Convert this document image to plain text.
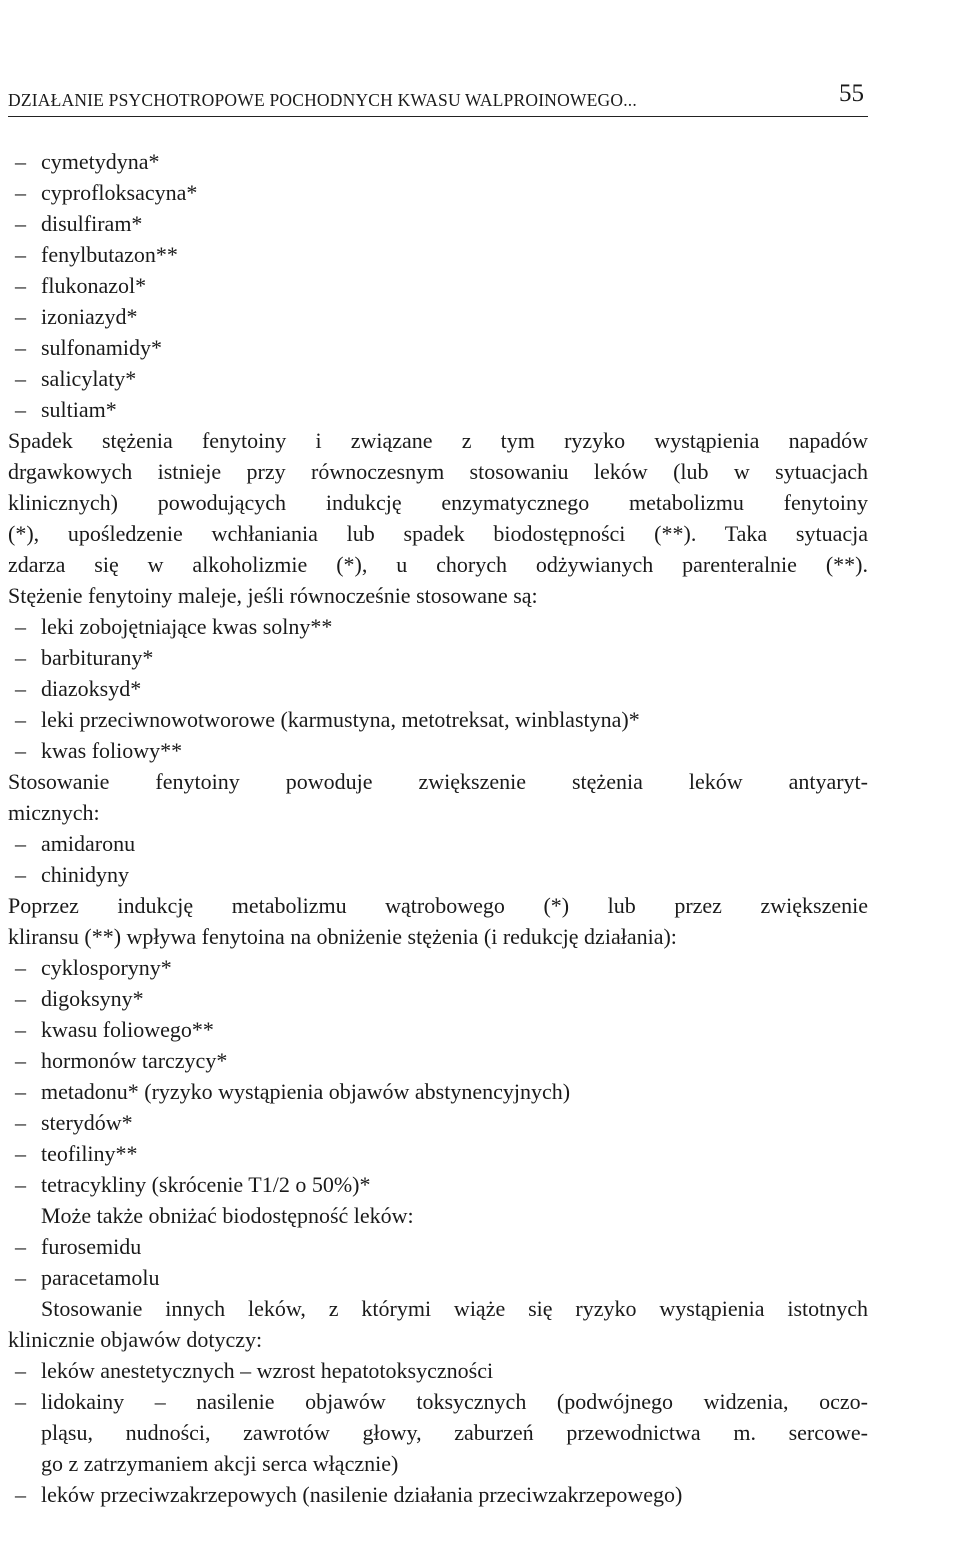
DZIAŁANIE PSYCHOTROPOWE POCHODNYCH KWASU WALPROINOWEGO...	55
– cymetydyna*
– cyprofloksacyna*
– disulfiram*
– fenylbutazon**
– flukonazol*
– izoniazyd*
– sulfonamidy*
– salicylaty*
– sultiam*
Spadek stężenia fenytoiny i związane z tym ryzyko wystąpienia napadów
drgawkowych istnieje przy równoczesnym stosowaniu leków (lub w sytuacjach
klinicznych) powodujących indukcję enzymatycznego metabolizmu fenytoiny
(*), upośledzenie wchłaniania lub spadek biodostępności (**). Taka sytuacja
zdarza się w alkoholizmie (*), u chorych odżywianych parenteralnie (**).
Stężenie fenytoiny maleje, jeśli równocześnie stosowane są:
– leki zobojętniające kwas solny**
– barbiturany*
– diazoksyd*
– leki przeciwnowotworowe (karmustyna, metotreksat, winblastyna)*
– kwas foliowy**
Stosowanie fenytoiny powoduje zwiększenie stężenia leków antyaryt-
micznych:
– amidaronu
– chinidyny
Poprzez indukcję metabolizmu wątrobowego (*) lub przez zwiększenie
kliransu (**) wpływa fenytoina na obniżenie stężenia (i redukcję działania):
– cyklosporyny*
– digoksyny*
– kwasu foliowego**
– hormonów tarczycy*
– metadonu* (ryzyko wystąpienia objawów abstynencyjnych)
– sterydów*
– teofiliny**
– tetracykliny (skrócenie T1/2 o 50%)*
Może także obniżać biodostępność leków:
– furosemidu
– paracetamolu
Stosowanie innych leków, z którymi wiąże się ryzyko wystąpienia istotnych
klinicznie objawów dotyczy:
– leków anestetycznych – wzrost hepatotoksyczności
– lidokainy – nasilenie objawów toksycznych (podwójnego widzenia, oczo-
pląsu, nudności, zawrotów głowy, zaburzeń przewodnictwa m. sercowe-
go z zatrzymaniem akcji serca włącznie)
– leków przeciwzakrzepowych (nasilenie działania przeciwzakrzepowego)
